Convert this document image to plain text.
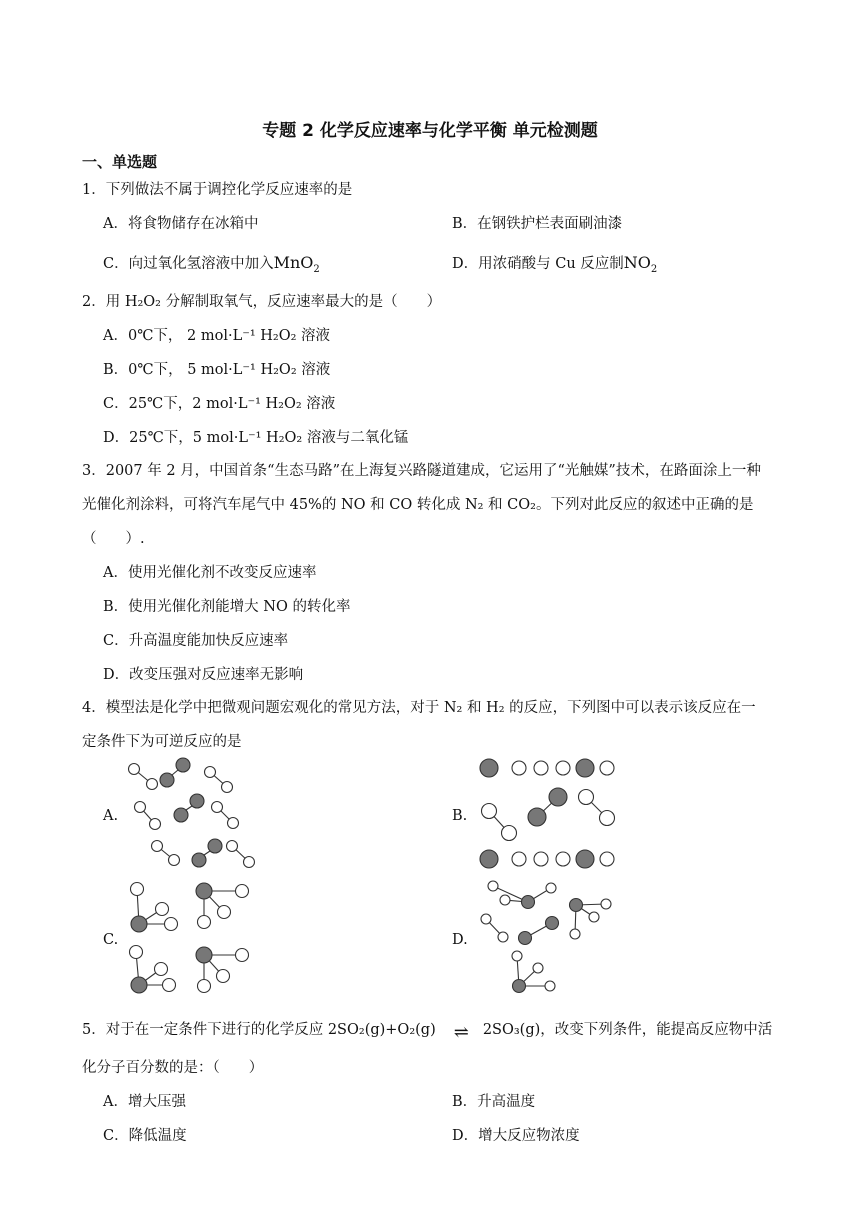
专题 2 化学反应速率与化学平衡 单元检测题
一、单选题
1．下列做法不属于调控化学反应速率的是
A．将食物储存在冰箱中	B．在钢铁护栏表面刷油漆
C．向过氧化氢溶液中加入MnO$_2$	D．用浓硝酸与 Cu 反应制$NO_2$
2．用 H₂O₂ 分解制取氧气，反应速率最大的是（　　）
A．0℃下， 2 mol·L⁻¹ H₂O₂ 溶液
B．0℃下， 5 mol·L⁻¹ H₂O₂ 溶液
C．25℃下，2 mol·L⁻¹ H₂O₂ 溶液
D．25℃下，5 mol·L⁻¹ H₂O₂ 溶液与二氧化锰
3．2007 年 2 月，中国首条“生态马路”在上海复兴路隧道建成，它运用了“光触媒”技术，在路面涂上一种
光催化剂涂料，可将汽车尾气中 45%的 NO 和 CO 转化成 N₂ 和 CO₂。下列对此反应的叙述中正确的是
（　　）.
A．使用光催化剂不改变反应速率
B．使用光催化剂能增大 NO 的转化率
C．升高温度能加快反应速率
D．改变压强对反应速率无影响
4．模型法是化学中把微观问题宏观化的常见方法，对于 N₂ 和 H₂ 的反应，下列图中可以表示该反应在一
定条件下为可逆反应的是
A.	B.
C.	D.
5．对于在一定条件下进行的化学反应 2SO₂(g)+O₂(g) ⇌ 2SO₃(g)，改变下列条件，能提高反应物中活
化分子百分数的是：（　　）
A．增大压强	B．升高温度
C．降低温度	D．增大反应物浓度
